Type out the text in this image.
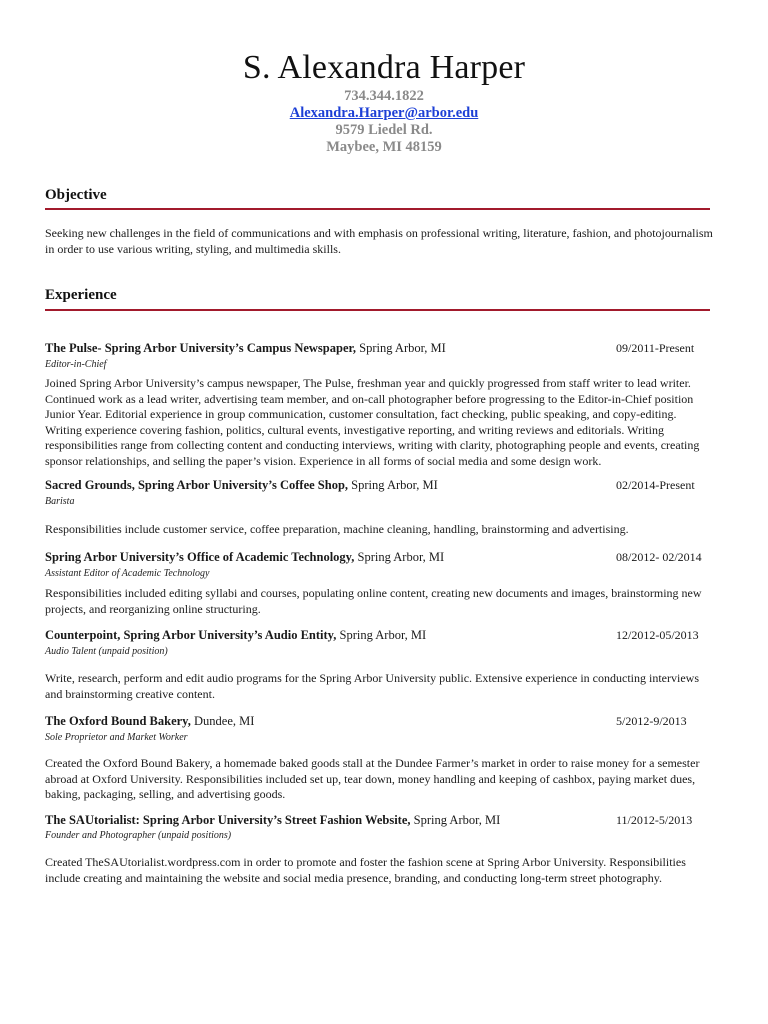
S. Alexandra Harper
734.344.1822
Alexandra.Harper@arbor.edu
9579 Liedel Rd.
Maybee, MI 48159
Objective
Seeking new challenges in the field of communications and with emphasis on professional writing, literature, fashion, and photojournalism in order to use various writing, styling, and multimedia skills.
Experience
The Pulse- Spring Arbor University’s Campus Newspaper, Spring Arbor, MI	09/2011-Present
Editor-in-Chief
Joined Spring Arbor University’s campus newspaper, The Pulse, freshman year and quickly progressed from staff writer to lead writer. Continued work as a lead writer, advertising team member, and on-call photographer before progressing to the Editor-in-Chief position Junior Year. Editorial experience in group communication, customer consultation, fact checking, public speaking, and copy-editing. Writing experience covering fashion, politics, cultural events, investigative reporting, and writing reviews and editorials. Writing responsibilities range from collecting content and conducting interviews, writing with clarity, photographing people and events, creating sponsor relationships, and selling the paper’s vision. Experience in all forms of social media and some design work.
Sacred Grounds, Spring Arbor University’s Coffee Shop, Spring Arbor, MI	02/2014-Present
Barista
Responsibilities include customer service, coffee preparation, machine cleaning, handling, brainstorming and advertising.
Spring Arbor University’s Office of Academic Technology, Spring Arbor, MI	08/2012- 02/2014
Assistant Editor of Academic Technology
Responsibilities included editing syllabi and courses, populating online content, creating new documents and images, brainstorming new projects, and reorganizing online structuring.
Counterpoint, Spring Arbor University’s Audio Entity, Spring Arbor, MI	12/2012-05/2013
Audio Talent (unpaid position)
Write, research, perform and edit audio programs for the Spring Arbor University public. Extensive experience in conducting interviews and brainstorming creative content.
The Oxford Bound Bakery, Dundee, MI	5/2012-9/2013
Sole Proprietor and Market Worker
Created the Oxford Bound Bakery, a homemade baked goods stall at the Dundee Farmer’s market in order to raise money for a semester abroad at Oxford University. Responsibilities included set up, tear down, money handling and keeping of cashbox, paying market dues, baking, packaging, selling, and advertising goods.
The SAUtorialist: Spring Arbor University’s Street Fashion Website, Spring Arbor, MI	11/2012-5/2013
Founder and Photographer (unpaid positions)
Created TheSAUtorialist.wordpress.com in order to promote and foster the fashion scene at Spring Arbor University. Responsibilities include creating and maintaining the website and social media presence, branding, and conducting long-term street photography.
